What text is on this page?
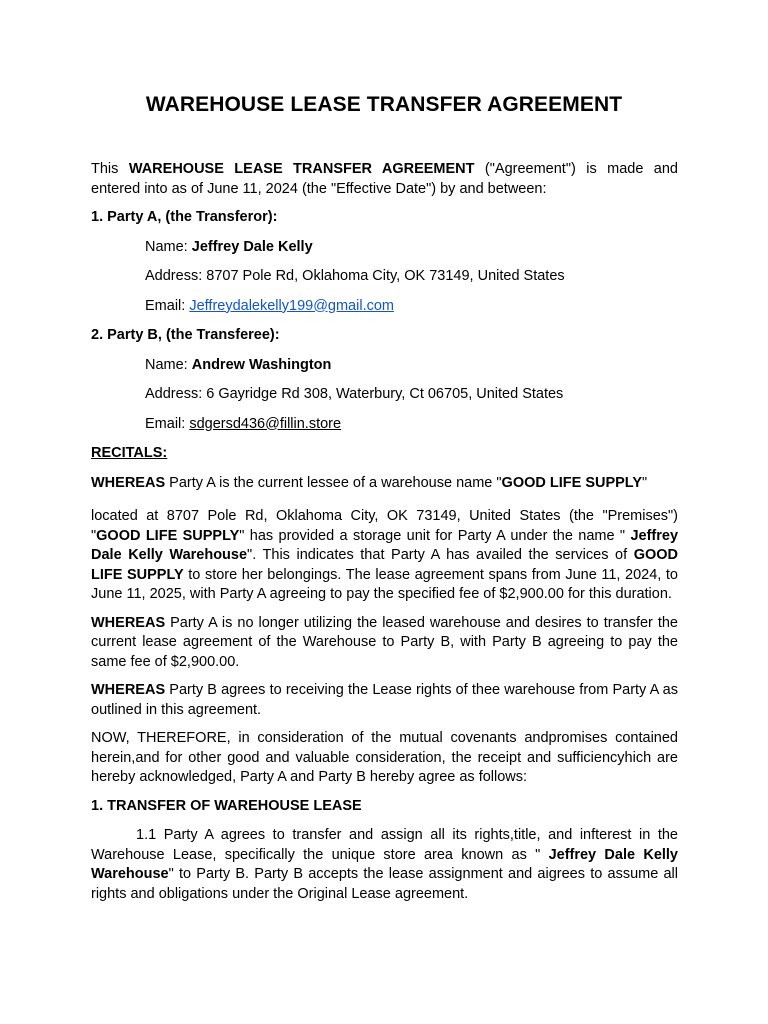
WAREHOUSE LEASE TRANSFER AGREEMENT

This WAREHOUSE LEASE TRANSFER AGREEMENT ("Agreement") is made and entered into as of June 11, 2024 (the "Effective Date") by and between:

1. Party A, (the Transferor):

Name: Jeffrey Dale Kelly

Address: 8707 Pole Rd, Oklahoma City, OK 73149, United States

Email: Jeffreydalekelly199@gmail.com

2. Party B, (the Transferee):

Name: Andrew Washington

Address: 6 Gayridge Rd 308, Waterbury, Ct 06705, United States

Email: sdgersd436@fillin.store

RECITALS:

WHEREAS Party A is the current lessee of a warehouse name "GOOD LIFE SUPPLY"

located at 8707 Pole Rd, Oklahoma City, OK 73149, United States (the "Premises") "GOOD LIFE SUPPLY" has provided a storage unit for Party A under the name " Jeffrey Dale Kelly Warehouse". This indicates that Party A has availed the services of GOOD LIFE SUPPLY to store her belongings. The lease agreement spans from June 11, 2024, to June 11, 2025, with Party A agreeing to pay the specified fee of $2,900.00 for this duration.

WHEREAS Party A is no longer utilizing the leased warehouse and desires to transfer the current lease agreement of the Warehouse to Party B, with Party B agreeing to pay the same fee of $2,900.00.

WHEREAS Party B agrees to receiving the Lease rights of thee warehouse from Party A as outlined in this agreement.

NOW, THEREFORE, in consideration of the mutual covenants andpromises contained herein,and for other good and valuable consideration, the receipt and sufficiencyhich are hereby acknowledged, Party A and Party B hereby agree as follows:

1. TRANSFER OF WAREHOUSE LEASE

1.1 Party A agrees to transfer and assign all its rights,title, and infterest in the Warehouse Lease, specifically the unique store area known as " Jeffrey Dale Kelly Warehouse" to Party B. Party B accepts the lease assignment and aigrees to assume all rights and obligations under the Original Lease agreement.
